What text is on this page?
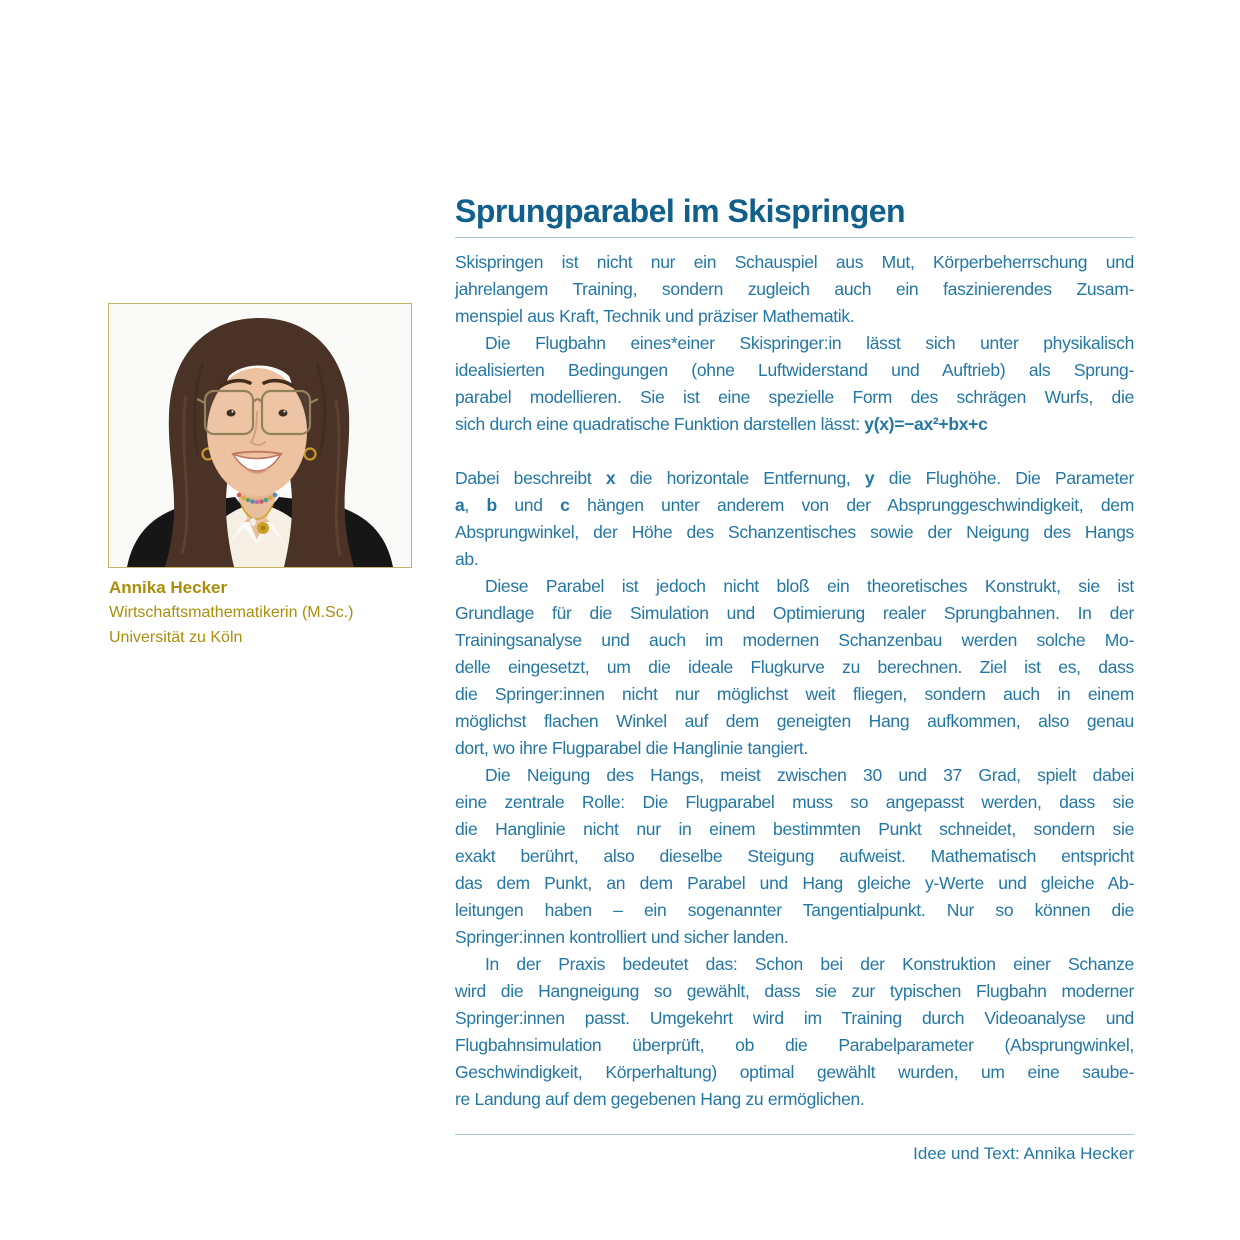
Annika Hecker
Wirtschaftsmathematikerin (M.Sc.)
Universität zu Köln
Sprungparabel im Skispringen
Skispringen ist nicht nur ein Schauspiel aus Mut, Körperbeherrschung und
jahrelangem Training, sondern zugleich auch ein faszinierendes Zusam-
menspiel aus Kraft, Technik und präziser Mathematik.
Die Flugbahn eines*einer Skispringer:in lässt sich unter physikalisch
idealisierten Bedingungen (ohne Luftwiderstand und Auftrieb) als Sprung-
parabel modellieren. Sie ist eine spezielle Form des schrägen Wurfs, die
sich durch eine quadratische Funktion darstellen lässt: y(x)=−ax²+bx+c
Dabei beschreibt x die horizontale Entfernung, y die Flughöhe. Die Parameter
a, b und c hängen unter anderem von der Absprunggeschwindigkeit, dem
Absprungwinkel, der Höhe des Schanzentisches sowie der Neigung des Hangs
ab.
Diese Parabel ist jedoch nicht bloß ein theoretisches Konstrukt, sie ist
Grundlage für die Simulation und Optimierung realer Sprungbahnen. In der
Trainingsanalyse und auch im modernen Schanzenbau werden solche Mo-
delle eingesetzt, um die ideale Flugkurve zu berechnen. Ziel ist es, dass
die Springer:innen nicht nur möglichst weit fliegen, sondern auch in einem
möglichst flachen Winkel auf dem geneigten Hang aufkommen, also genau
dort, wo ihre Flugparabel die Hanglinie tangiert.
Die Neigung des Hangs, meist zwischen 30 und 37 Grad, spielt dabei
eine zentrale Rolle: Die Flugparabel muss so angepasst werden, dass sie
die Hanglinie nicht nur in einem bestimmten Punkt schneidet, sondern sie
exakt berührt, also dieselbe Steigung aufweist. Mathematisch entspricht
das dem Punkt, an dem Parabel und Hang gleiche y-Werte und gleiche Ab-
leitungen haben – ein sogenannter Tangentialpunkt. Nur so können die
Springer:innen kontrolliert und sicher landen.
In der Praxis bedeutet das: Schon bei der Konstruktion einer Schanze
wird die Hangneigung so gewählt, dass sie zur typischen Flugbahn moderner
Springer:innen passt. Umgekehrt wird im Training durch Videoanalyse und
Flugbahnsimulation überprüft, ob die Parabelparameter (Absprungwinkel,
Geschwindigkeit, Körperhaltung) optimal gewählt wurden, um eine saube-
re Landung auf dem gegebenen Hang zu ermöglichen.
Idee und Text: Annika Hecker
